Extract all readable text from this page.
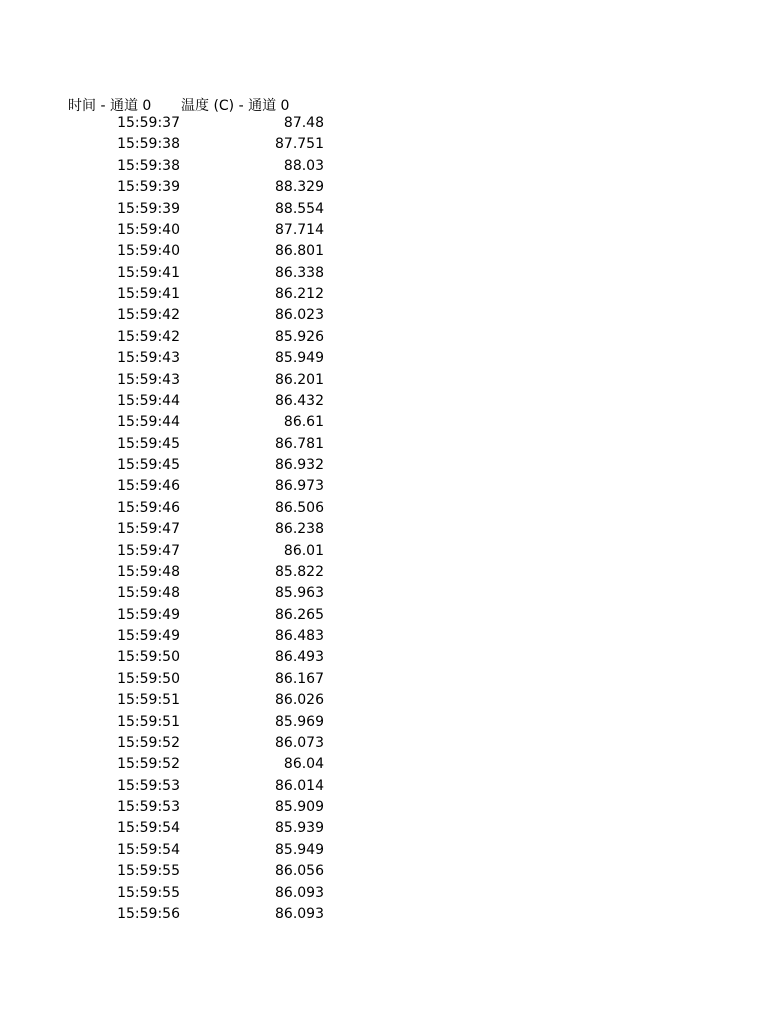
时间 - 通道 0 温度 (C) - 通道 0
15:59:37	87.48
15:59:38	87.751
15:59:38	88.03
15:59:39	88.329
15:59:39	88.554
15:59:40	87.714
15:59:40	86.801
15:59:41	86.338
15:59:41	86.212
15:59:42	86.023
15:59:42	85.926
15:59:43	85.949
15:59:43	86.201
15:59:44	86.432
15:59:44	86.61
15:59:45	86.781
15:59:45	86.932
15:59:46	86.973
15:59:46	86.506
15:59:47	86.238
15:59:47	86.01
15:59:48	85.822
15:59:48	85.963
15:59:49	86.265
15:59:49	86.483
15:59:50	86.493
15:59:50	86.167
15:59:51	86.026
15:59:51	85.969
15:59:52	86.073
15:59:52	86.04
15:59:53	86.014
15:59:53	85.909
15:59:54	85.939
15:59:54	85.949
15:59:55	86.056
15:59:55	86.093
15:59:56	86.093
